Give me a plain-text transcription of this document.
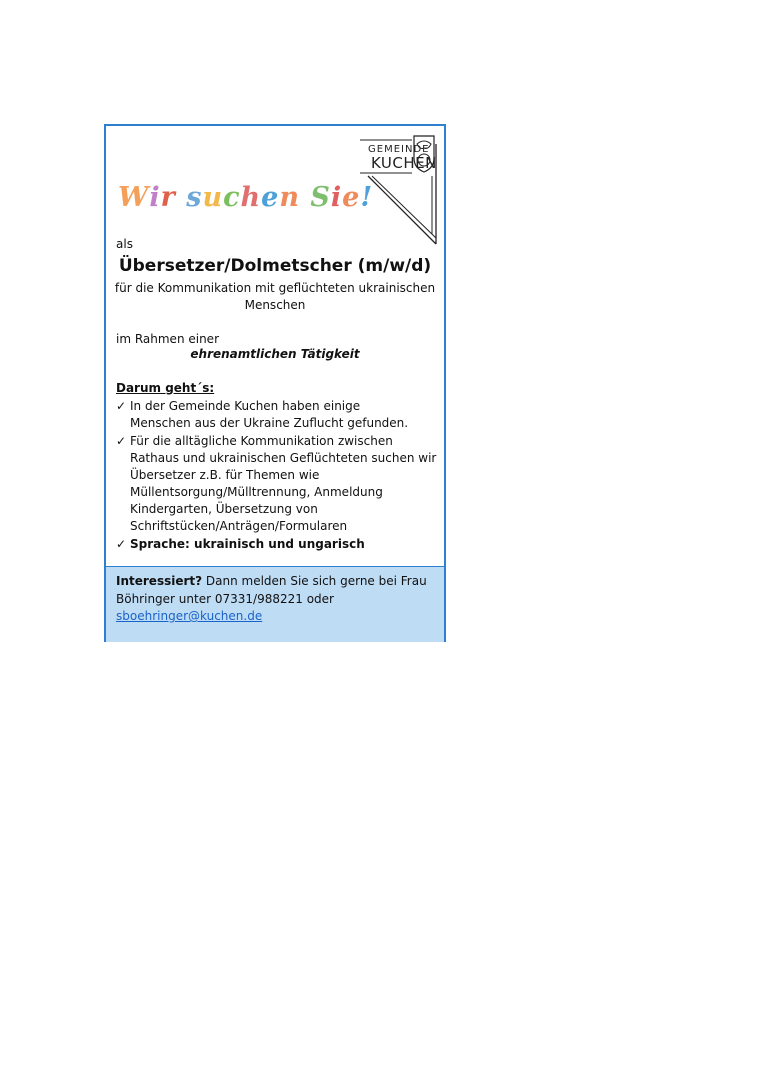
Wir suchen Sie!
GEMEINDE
KUCHEN
als
Übersetzer/Dolmetscher (m/w/d)
für die Kommunikation mit geflüchteten ukrainischen
Menschen
im Rahmen einer
ehrenamtlichen Tätigkeit
Darum geht´s:
✓ In der Gemeinde Kuchen haben einige
Menschen aus der Ukraine Zuflucht gefunden.
✓ Für die alltägliche Kommunikation zwischen Rathaus und ukrainischen Geflüchteten suchen wir Übersetzer z.B. für Themen wie Müllentsorgung/Mülltrennung, Anmeldung Kindergarten, Übersetzung von Schriftstücken/Anträgen/Formularen
✓ Sprache: ukrainisch und ungarisch
Interessiert? Dann melden Sie sich gerne bei Frau Böhringer unter 07331/988221 oder
sboehringer@kuchen.de
